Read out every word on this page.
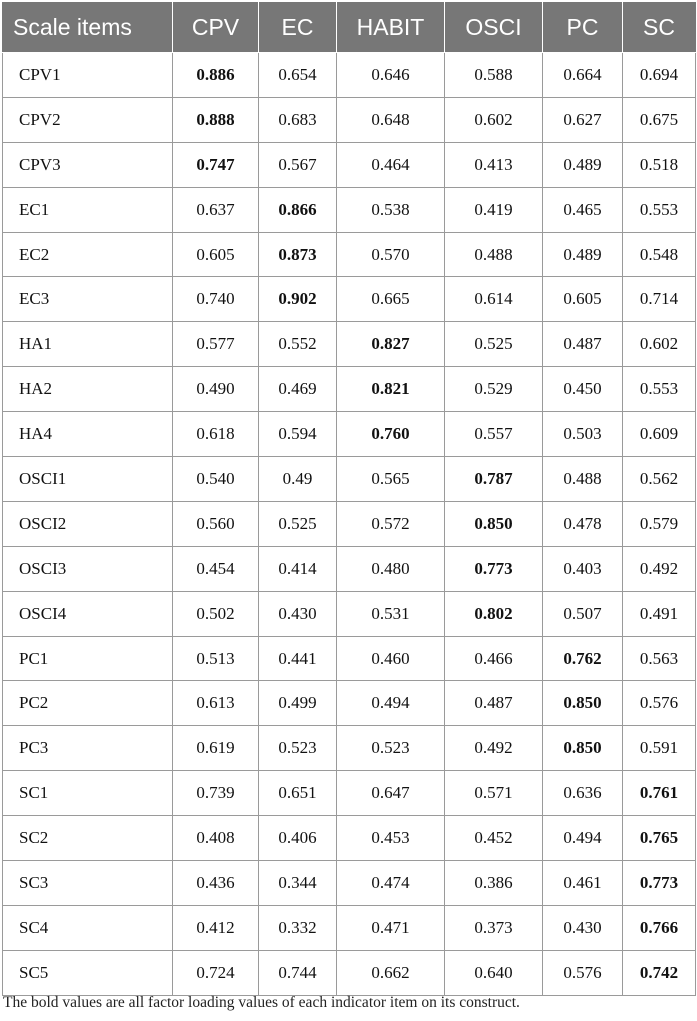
Scale items	CPV	EC	HABIT	OSCI	PC	SC
CPV1	0.886	0.654	0.646	0.588	0.664	0.694
CPV2	0.888	0.683	0.648	0.602	0.627	0.675
CPV3	0.747	0.567	0.464	0.413	0.489	0.518
EC1	0.637	0.866	0.538	0.419	0.465	0.553
EC2	0.605	0.873	0.570	0.488	0.489	0.548
EC3	0.740	0.902	0.665	0.614	0.605	0.714
HA1	0.577	0.552	0.827	0.525	0.487	0.602
HA2	0.490	0.469	0.821	0.529	0.450	0.553
HA4	0.618	0.594	0.760	0.557	0.503	0.609
OSCI1	0.540	0.49	0.565	0.787	0.488	0.562
OSCI2	0.560	0.525	0.572	0.850	0.478	0.579
OSCI3	0.454	0.414	0.480	0.773	0.403	0.492
OSCI4	0.502	0.430	0.531	0.802	0.507	0.491
PC1	0.513	0.441	0.460	0.466	0.762	0.563
PC2	0.613	0.499	0.494	0.487	0.850	0.576
PC3	0.619	0.523	0.523	0.492	0.850	0.591
SC1	0.739	0.651	0.647	0.571	0.636	0.761
SC2	0.408	0.406	0.453	0.452	0.494	0.765
SC3	0.436	0.344	0.474	0.386	0.461	0.773
SC4	0.412	0.332	0.471	0.373	0.430	0.766
SC5	0.724	0.744	0.662	0.640	0.576	0.742
The bold values are all factor loading values of each indicator item on its construct.
